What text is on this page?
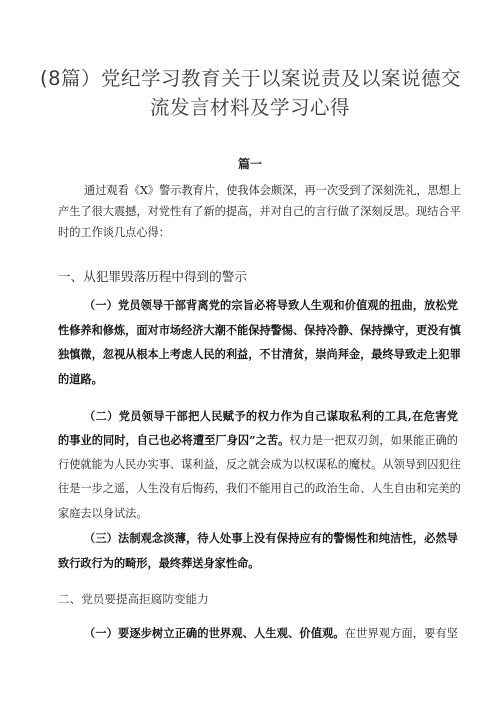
(8篇）党纪学习教育关于以案说责及以案说德交
流发言材料及学习心得
篇一
通过观看《X》警示教育片，使我体会颇深，再一次受到了深刻洗礼，思想上
产生了很大震撼，对党性有了新的提高，并对自己的言行做了深刻反思。现结合平
时的工作谈几点心得：
一、从犯罪毁落历程中得到的警示
（一）党员领导干部背离党的宗旨必将导致人生观和价值观的扭曲，放松党
性修养和修炼，面对市场经济大潮不能保持警惕、保持冷静、保持操守，更没有慎
独慎微，忽视从根本上考虑人民的利益，不甘清贫，崇尚拜金，最终导致走上犯罪
的道路。
（二）党员领导干部把人民赋予的权力作为自己谋取私利的工具,在危害党
的事业的同时，自己也必将遭至厂身囚”之苦。权力是一把双刃剑，如果能正确的
行使就能为人民办实事、谋利益，反之就会成为以权谋私的魔杖。从领导到囚犯往
往是一步之遥，人生没有后悔药，我们不能用自己的政治生命、人生自由和完美的
家庭去以身试法。
（三）法制观念淡薄，待人处事上没有保持应有的警惕性和纯洁性，必然导
致行政行为的畸形，最终葬送身家性命。
二、党员要提高拒腐防变能力
（一）要逐步树立正确的世界观、人生观、价值观。在世界观方面，要有坚
